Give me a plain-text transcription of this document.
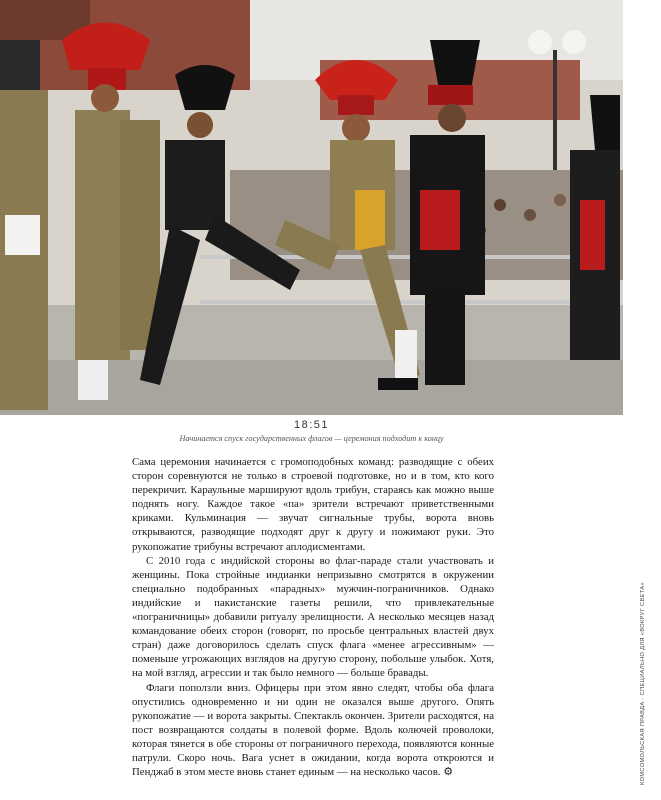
18:51
Начинается спуск государственных флагов — церемония подходит к концу

Сама церемония начинается с громоподобных команд: разводящие с обеих сторон соревнуются не только в строевой подготовке, но и в том, кто кого перекричит. Караульные маршируют вдоль трибун, стараясь как можно выше поднять ногу. Каждое такое «па» зрители встречают приветственными криками. Кульминация — звучат сигнальные трубы, ворота вновь открываются, разводящие подходят друг к другу и пожимают руки. Это рукопожатие трибуны встречают аплодисментами.

С 2010 года с индийской стороны во флаг-параде стали участвовать и женщины. Пока стройные индианки непризывно смотрятся в окружении специально подобранных «парадных» мужчин-пограничников. Однако индийские и пакистанские газеты решили, что привлекательные «пограничницы» добавили ритуалу зрелищности. А несколько месяцев назад командование обеих сторон (говорят, по просьбе центральных властей двух стран) даже договорилось сделать спуск флага «менее агрессивным» — поменьше угрожающих взглядов на другую сторону, побольше улыбок. Хотя, на мой взгляд, агрессии и так было немного — больше бравады.

Флаги поползли вниз. Офицеры при этом явно следят, чтобы оба флага опустились одновременно и ни один не оказался выше другого. Опять рукопожатие — и ворота закрыты. Спектакль окончен. Зрители расходятся, на пост возвращаются солдаты в полевой форме. Вдоль колючей проволоки, которая тянется в обе стороны от пограничного перехода, появляются конные патрули. Скоро ночь. Вага уснет в ожидании, когда ворота откроются и Пенджаб в этом месте вновь станет единым — на несколько часов. ⚙	КОМСОМОЛЬСКАЯ ПРАВДА · СПЕЦИАЛЬНО ДЛЯ «ВОКРУГ СВЕТА»
